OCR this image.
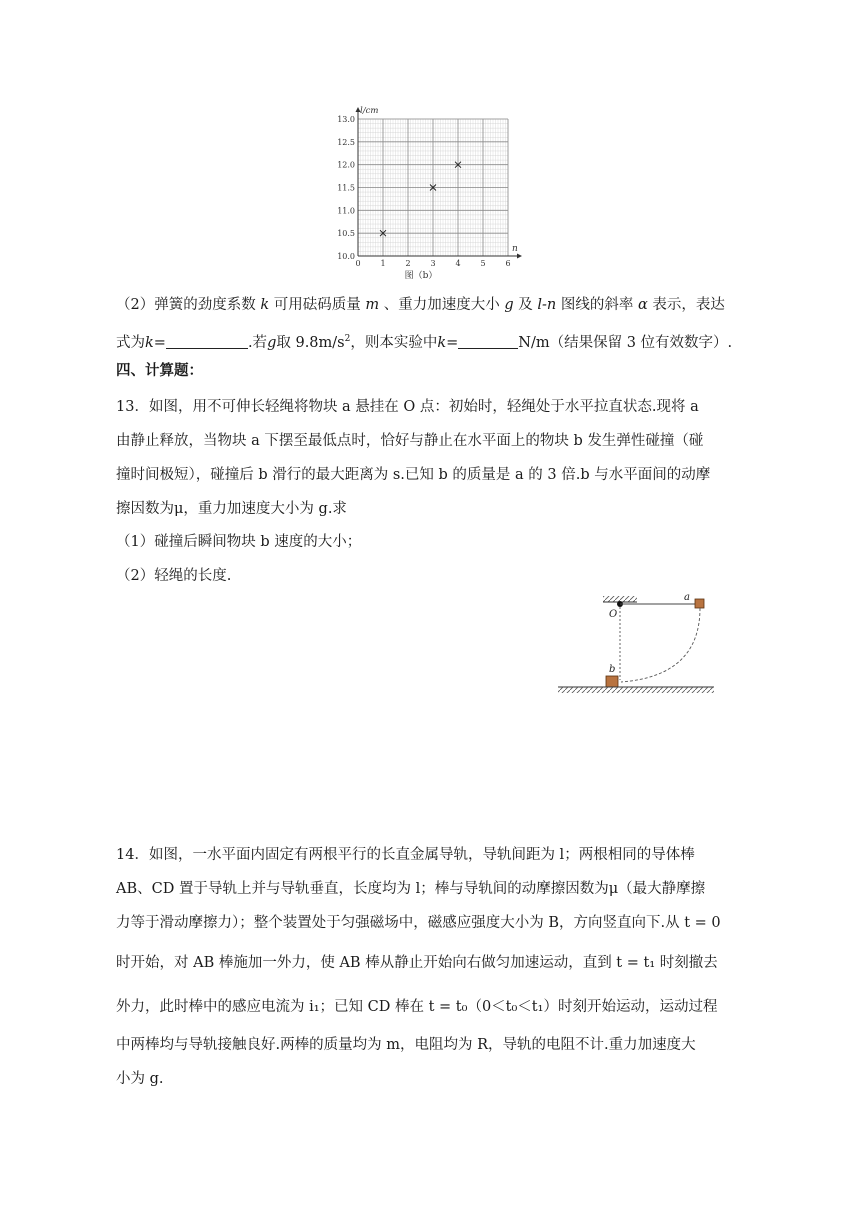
0 1 2 3 4 5 6
10.0
10.5
11.0
11.5
12.0
12.5
13.0
l/cm
n
图（b）
（2）弹簧的劲度系数 k 可用砝码质量 m 、重力加速度大小 g 及 l-n 图线的斜率 α 表示，表达
式为k=	.若g取 $9.8m/s^2$，则本实验中k=	N/m（结果保留 3 位有效数字）.
四、计算题：
13．如图，用不可伸长轻绳将物块 a 悬挂在 O 点：初始时，轻绳处于水平拉直状态.现将 a
由静止释放，当物块 a 下摆至最低点时，恰好与静止在水平面上的物块 b 发生弹性碰撞（碰
撞时间极短），碰撞后 b 滑行的最大距离为 s.已知 b 的质量是 a 的 3 倍.b 与水平面间的动摩
擦因数为μ，重力加速度大小为 g.求
（1）碰撞后瞬间物块 b 速度的大小；
（2）轻绳的长度.
a
O
b
14．如图，一水平面内固定有两根平行的长直金属导轨，导轨间距为 l；两根相同的导体棒
AB、CD 置于导轨上并与导轨垂直，长度均为 l；棒与导轨间的动摩擦因数为μ（最大静摩擦
力等于滑动摩擦力）；整个装置处于匀强磁场中，磁感应强度大小为 B，方向竖直向下.从 t = 0
时开始，对 AB 棒施加一外力，使 AB 棒从静止开始向右做匀加速运动，直到 t = t₁ 时刻撤去
外力，此时棒中的感应电流为 i₁；已知 CD 棒在 t = t₀（0＜t₀＜t₁）时刻开始运动，运动过程
中两棒均与导轨接触良好.两棒的质量均为 m，电阻均为 R，导轨的电阻不计.重力加速度大
小为 g.
